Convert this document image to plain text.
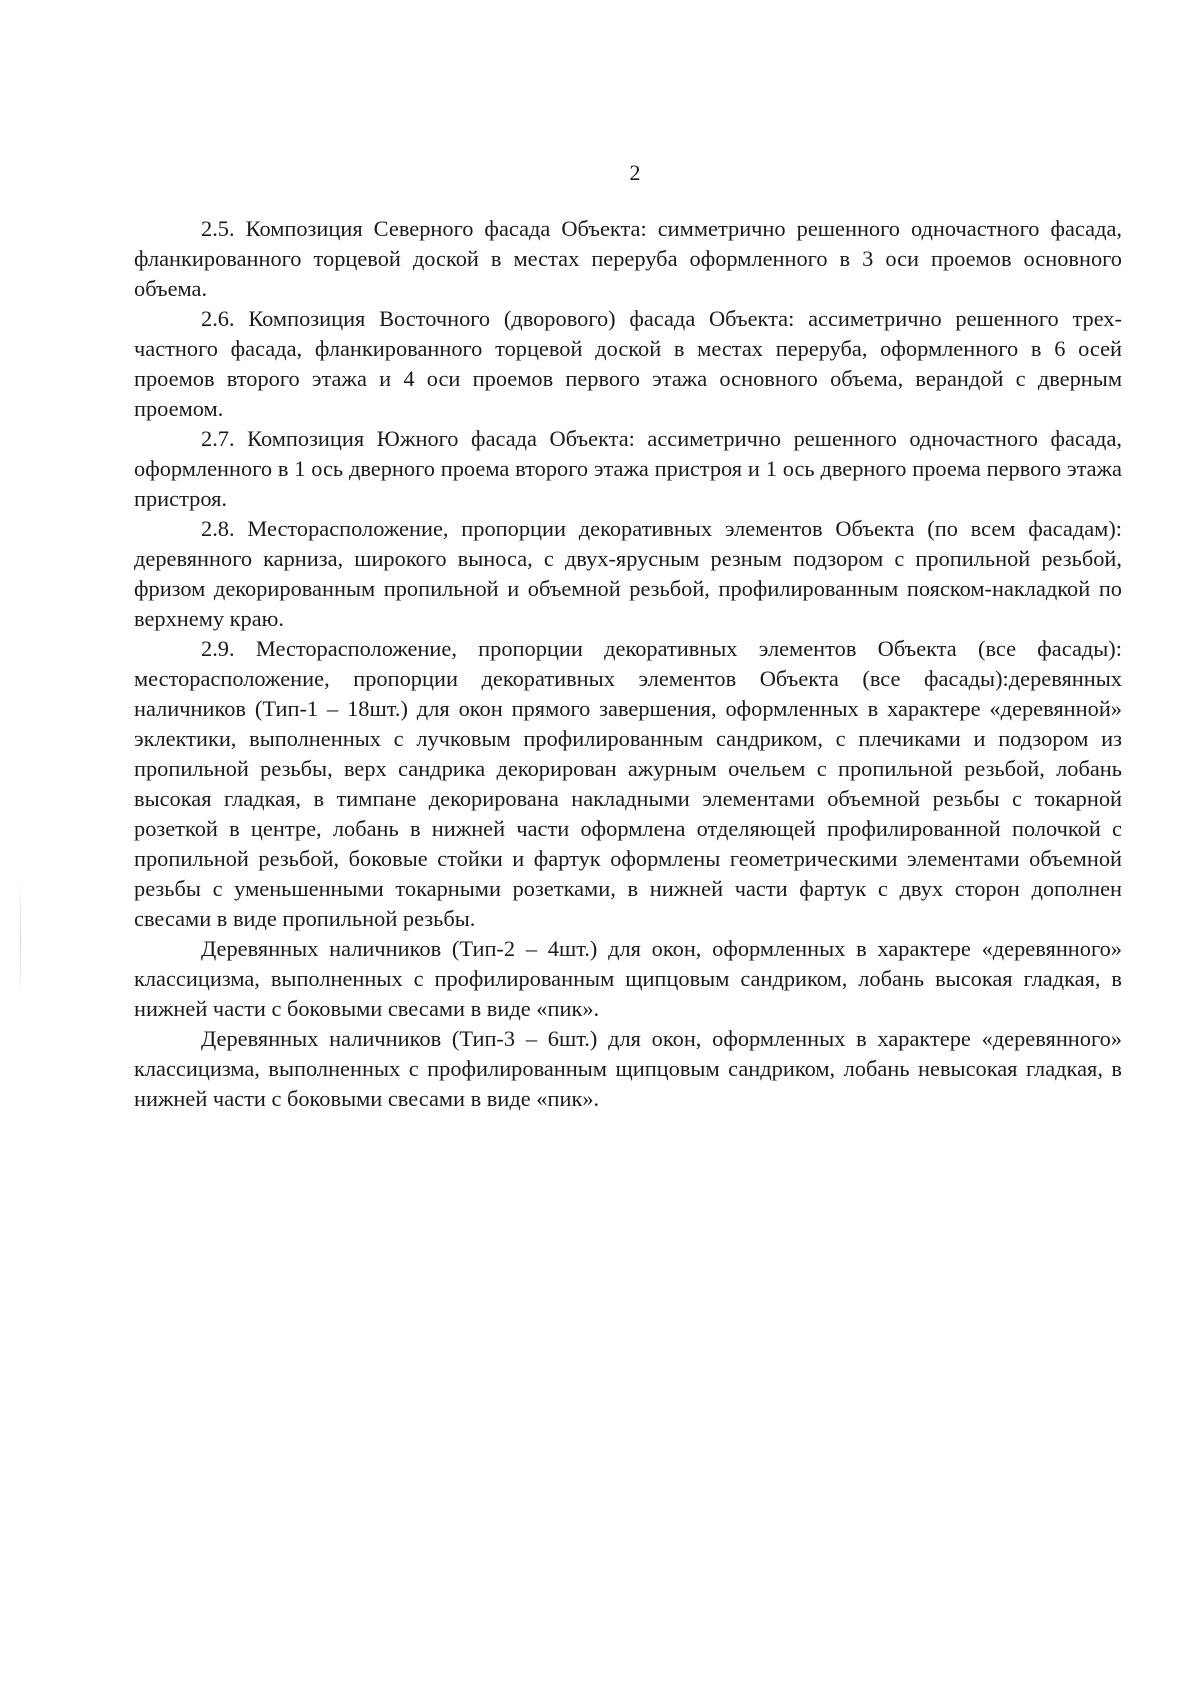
2

2.5. Композиция Северного фасада Объекта: симметрично решенного одночастного фасада, фланкированного торцевой доской в местах переруба оформленного в 3 оси проемов основного объема.

2.6. Композиция Восточного (дворового) фасада Объекта: ассиметрично решенного трех-частного фасада, фланкированного торцевой доской в местах переруба, оформленного в 6 осей проемов второго этажа и 4 оси проемов первого этажа основного объема, верандой с дверным проемом.

2.7. Композиция Южного фасада Объекта: ассиметрично решенного одночастного фасада, оформленного в 1 ось дверного проема второго этажа пристроя и 1 ось дверного проема первого этажа пристроя.

2.8. Месторасположение, пропорции декоративных элементов Объекта (по всем фасадам): деревянного карниза, широкого выноса, с двух-ярусным резным подзором с пропильной резьбой, фризом декорированным пропильной и объемной резьбой, профилированным пояском-накладкой по верхнему краю.

2.9. Месторасположение, пропорции декоративных элементов Объекта (все фасады): месторасположение, пропорции декоративных элементов Объекта (все фасады):деревянных наличников (Тип-1 – 18шт.) для окон прямого завершения, оформленных в характере «деревянной» эклектики, выполненных с лучковым профилированным сандриком, с плечиками и подзором из пропильной резьбы, верх сандрика декорирован ажурным очельем с пропильной резьбой, лобань высокая гладкая, в тимпане декорирована накладными элементами объемной резьбы с токарной розеткой в центре, лобань в нижней части оформлена отделяющей профилированной полочкой с пропильной резьбой, боковые стойки и фартук оформлены геометрическими элементами объемной резьбы с уменьшенными токарными розетками, в нижней части фартук с двух сторон дополнен свесами в виде пропильной резьбы.

Деревянных наличников (Тип-2 – 4шт.) для окон, оформленных в характере «деревянного» классицизма, выполненных с профилированным щипцовым сандриком, лобань высокая гладкая, в нижней части с боковыми свесами в виде «пик».

Деревянных наличников (Тип-3 – 6шт.) для окон, оформленных в характере «деревянного» классицизма, выполненных с профилированным щипцовым сандриком, лобань невысокая гладкая, в нижней части с боковыми свесами в виде «пик».
